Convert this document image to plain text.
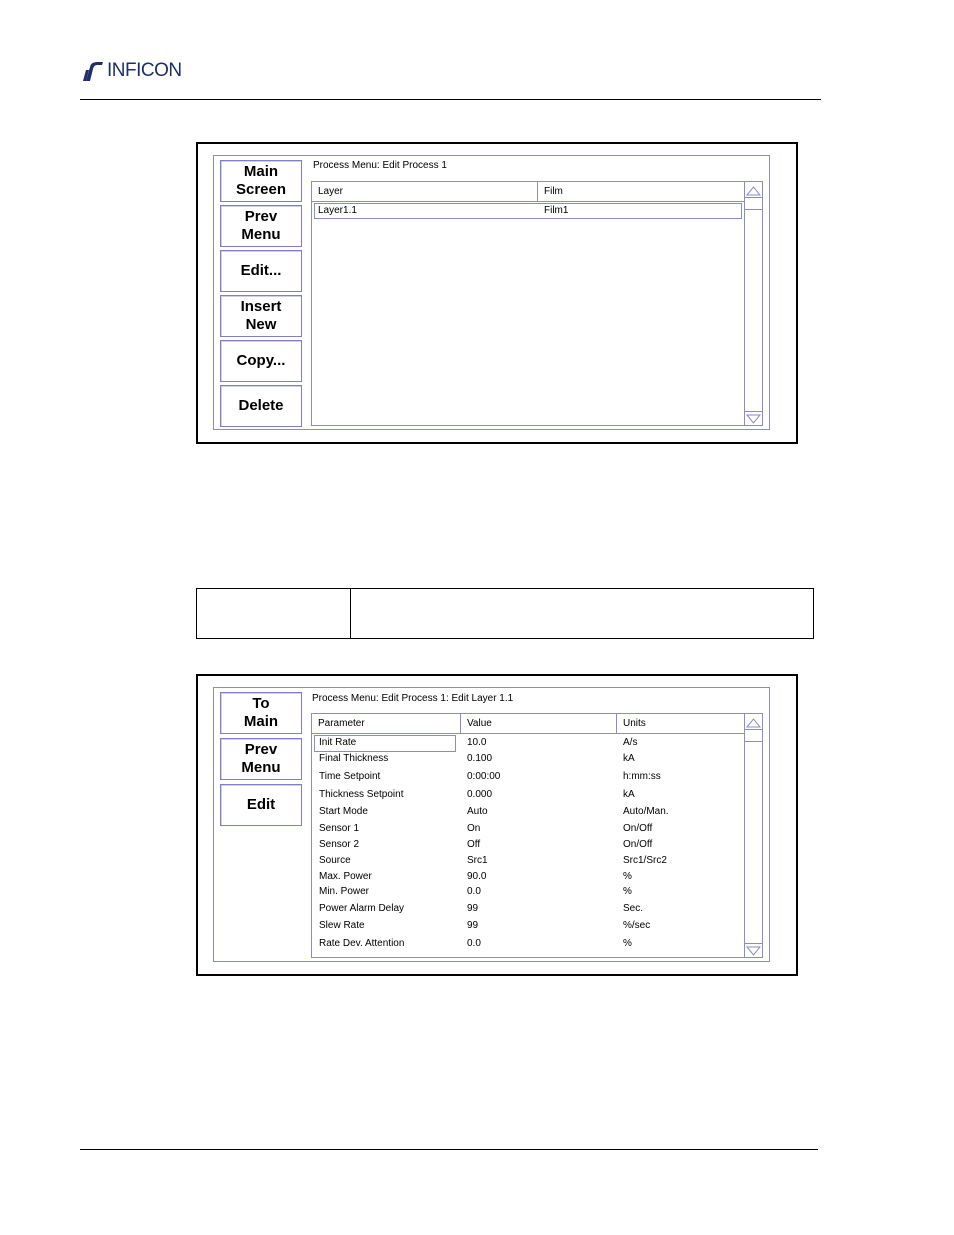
INFICON
Main
Screen
Prev
Menu
Edit...
Insert
New
Copy...
Delete
Process Menu: Edit Process 1
Layer	Film
Layer1.1	Film1
To
Main
Prev
Menu
Edit
Process Menu: Edit Process 1: Edit Layer 1.1
Parameter	Value	Units
Init Rate	10.0	A/s
Final Thickness	0.100	kA
Time Setpoint	0:00:00	h:mm:ss
Thickness Setpoint	0.000	kA
Start Mode	Auto	Auto/Man.
Sensor 1	On	On/Off
Sensor 2	Off	On/Off
Source	Src1	Src1/Src2
Max. Power	90.0	%
Min. Power	0.0	%
Power Alarm Delay	99	Sec.
Slew Rate	99	%/sec
Rate Dev. Attention	0.0	%
